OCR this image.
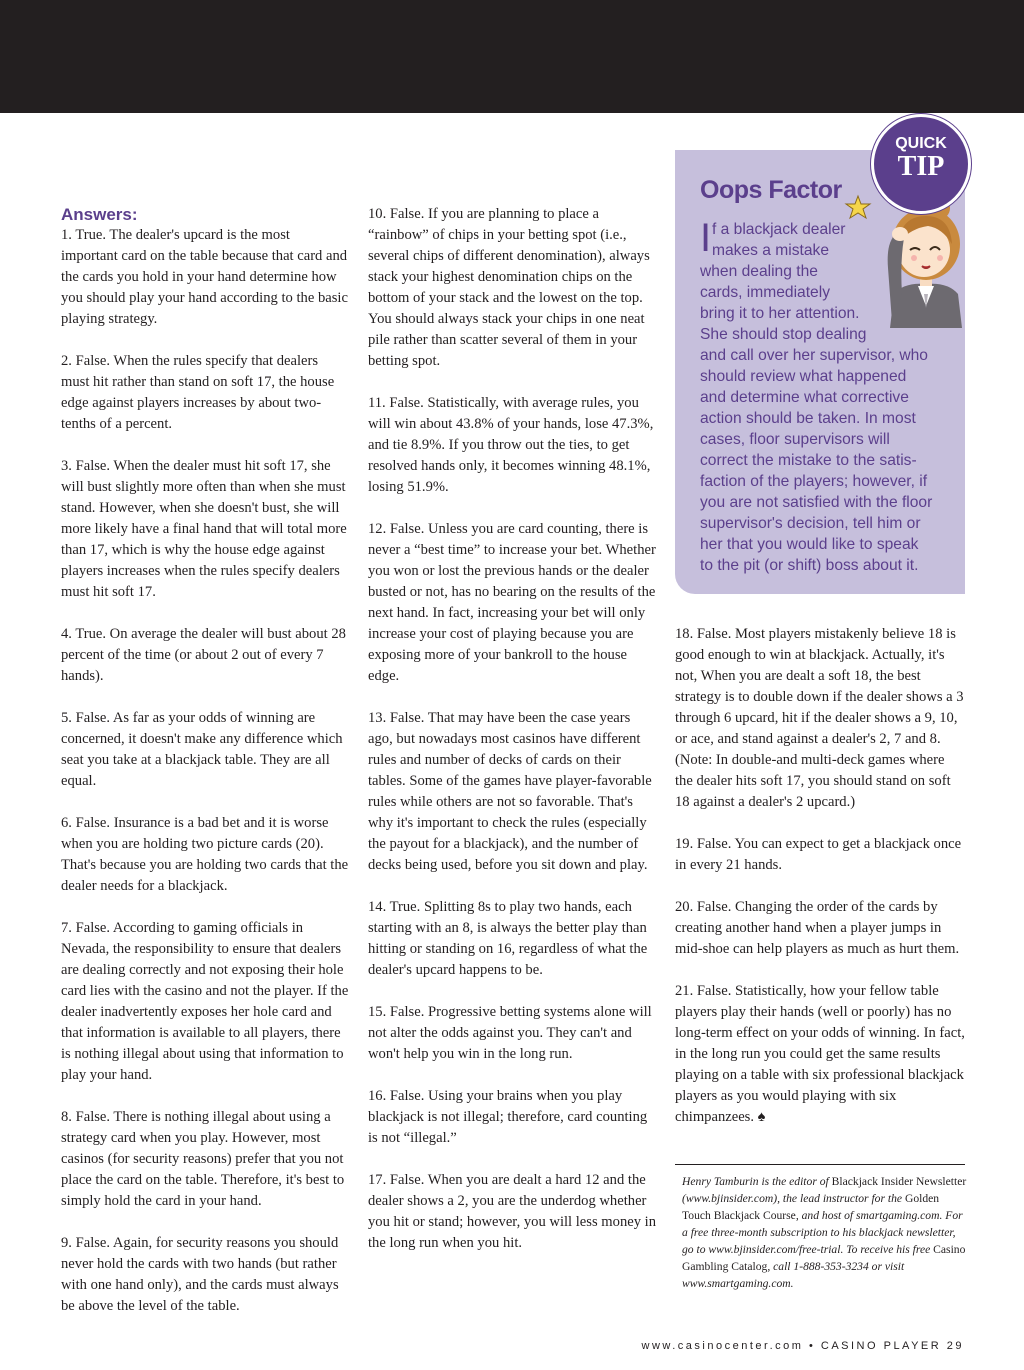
Answers:

1. True. The dealer's upcard is the most important card on the table because that card and the cards you hold in your hand determine how you should play your hand according to the basic playing strategy.

2. False. When the rules specify that dealers must hit rather than stand on soft 17, the house edge against players increases by about two-tenths of a percent.

3. False. When the dealer must hit soft 17, she will bust slightly more often than when she must stand. However, when she doesn't bust, she will more likely have a final hand that will total more than 17, which is why the house edge against players increases when the rules specify dealers must hit soft 17.

4. True. On average the dealer will bust about 28 percent of the time (or about 2 out of every 7 hands).

5. False. As far as your odds of winning are concerned, it doesn't make any difference which seat you take at a blackjack table. They are all equal.

6. False. Insurance is a bad bet and it is worse when you are holding two picture cards (20). That's because you are holding two cards that the dealer needs for a blackjack.

7. False. According to gaming officials in Nevada, the responsibility to ensure that dealers are dealing correctly and not exposing their hole card lies with the casino and not the player. If the dealer inadvertently exposes her hole card and that information is available to all players, there is nothing illegal about using that information to play your hand.

8. False. There is nothing illegal about using a strategy card when you play. However, most casinos (for security reasons) prefer that you not place the card on the table. Therefore, it's best to simply hold the card in your hand.

9. False. Again, for security reasons you should never hold the cards with two hands (but rather with one hand only), and the cards must always be above the level of the table.

10. False. If you are planning to place a “rainbow” of chips in your betting spot (i.e., several chips of different denomination), always stack your highest denomination chips on the bottom of your stack and the lowest on the top. You should always stack your chips in one neat pile rather than scatter several of them in your betting spot.

11. False. Statistically, with average rules, you will win about 43.8% of your hands, lose 47.3%, and tie 8.9%. If you throw out the ties, to get resolved hands only, it becomes winning 48.1%, losing 51.9%.

12. False. Unless you are card counting, there is never a “best time” to increase your bet. Whether you won or lost the previous hands or the dealer busted or not, has no bearing on the results of the next hand. In fact, increasing your bet will only increase your cost of playing because you are exposing more of your bankroll to the house edge.

13. False. That may have been the case years ago, but nowadays most casinos have different rules and number of decks of cards on their tables. Some of the games have player-favorable rules while others are not so favorable. That's why it's important to check the rules (especially the payout for a blackjack), and the number of decks being used, before you sit down and play.

14. True. Splitting 8s to play two hands, each starting with an 8, is always the better play than hitting or standing on 16, regardless of what the dealer's upcard happens to be.

15. False. Progressive betting systems alone will not alter the odds against you. They can't and won't help you win in the long run.

16. False. Using your brains when you play blackjack is not illegal; therefore, card counting is not “illegal.”

17. False. When you are dealt a hard 12 and the dealer shows a 2, you are the underdog whether you hit or stand; however, you will less money in the long run when you hit.

Oops Factor
I f a blackjack dealer
makes a mistake
when dealing the
cards, immediately
bring it to her attention.
She should stop dealing
and call over her supervisor, who
should review what happened
and determine what corrective
action should be taken. In most
cases, floor supervisors will
correct the mistake to the satis-
faction of the players; however, if
you are not satisfied with the floor
supervisor's decision, tell him or
her that you would like to speak
to the pit (or shift) boss about it.
QUICK
TIP

18. False. Most players mistakenly believe 18 is good enough to win at blackjack. Actually, it's not, When you are dealt a soft 18, the best strategy is to double down if the dealer shows a 3 through 6 upcard, hit if the dealer shows a 9, 10, or ace, and stand against a dealer's 2, 7 and 8. (Note: In double-and multi-deck games where the dealer hits soft 17, you should stand on soft 18 against a dealer's 2 upcard.)

19. False. You can expect to get a blackjack once in every 21 hands.

20. False. Changing the order of the cards by creating another hand when a player jumps in mid-shoe can help players as much as hurt them.

21. False. Statistically, how your fellow table players play their hands (well or poorly) has no long-term effect on your odds of winning. In fact, in the long run you could get the same results playing on a table with six professional blackjack players as you would playing with six chimpanzees. ♠

Henry Tamburin is the editor of Blackjack Insider Newsletter (www.bjinsider.com), the lead instructor for the Golden Touch Blackjack Course, and host of smartgaming.com. For a free three-month subscription to his blackjack newsletter, go to www.bjinsider.com/free-trial. To receive his free Casino Gambling Catalog, call 1-888-353-3234 or visit www.smartgaming.com.
www.casinocenter.com • CASINO PLAYER 29
